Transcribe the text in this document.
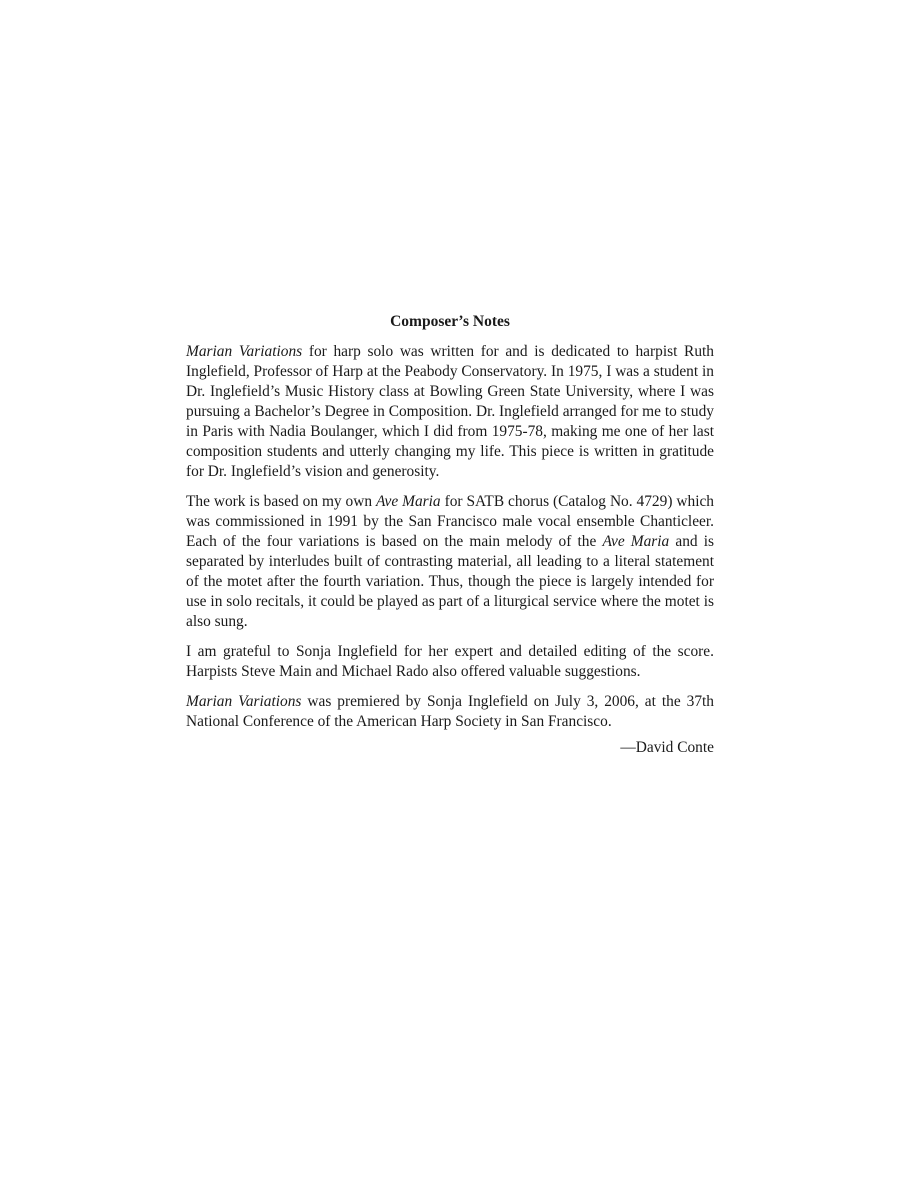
Composer’s Notes

Marian Variations for harp solo was written for and is dedicated to harpist Ruth Inglefield, Professor of Harp at the Peabody Conservatory. In 1975, I was a student in Dr. Inglefield’s Music History class at Bowling Green State University, where I was pursuing a Bachelor’s Degree in Composition. Dr. Inglefield arranged for me to study in Paris with Nadia Boulanger, which I did from 1975-78, making me one of her last composition students and utterly changing my life. This piece is written in gratitude for Dr. Inglefield’s vision and generosity.

The work is based on my own Ave Maria for SATB chorus (Catalog No. 4729) which was commissioned in 1991 by the San Francisco male vocal ensemble Chanticleer. Each of the four variations is based on the main melody of the Ave Maria and is separated by interludes built of contrasting material, all leading to a literal statement of the motet after the fourth variation. Thus, though the piece is largely intended for use in solo recitals, it could be played as part of a liturgical service where the motet is also sung.

I am grateful to Sonja Inglefield for her expert and detailed editing of the score. Harpists Steve Main and Michael Rado also offered valuable suggestions.

Marian Variations was premiered by Sonja Inglefield on July 3, 2006, at the 37th National Conference of the American Harp Society in San Francisco.

—David Conte
